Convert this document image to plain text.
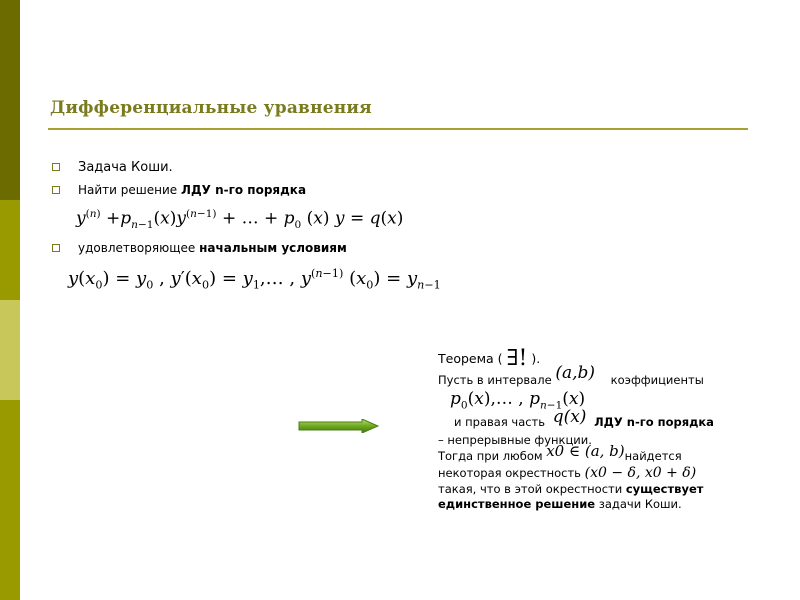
Дифференциальные уравнения
Задача Коши.
Найти решение ЛДУ n-го порядка
$y^{(n)} +p_{n-1}(x)y^{(n-1)}$ + … + $p_0$ (x) y = q(x)
удовлетворяющее начальным условиям
$y(x_0) = y_0$ , $y'(x_0)$ = $y_1,\dots$ , $y^{(n-1)}$ $(x_0) = y_{n-1}$
Теорема ( ∃! ).
Пусть в интервале (a,b) коэффициенты
$p_0(x),\dots$ , $p_{n-1}(x)$
и правая часть q(x) ЛДУ n-го порядка
– непрерывные функции.
Тогда при любом x0 ∈ (a, b)найдется
некоторая окрестность (x0 − δ, x0 + δ)
такая, что в этой окрестности существует
единственное решение задачи Коши.
